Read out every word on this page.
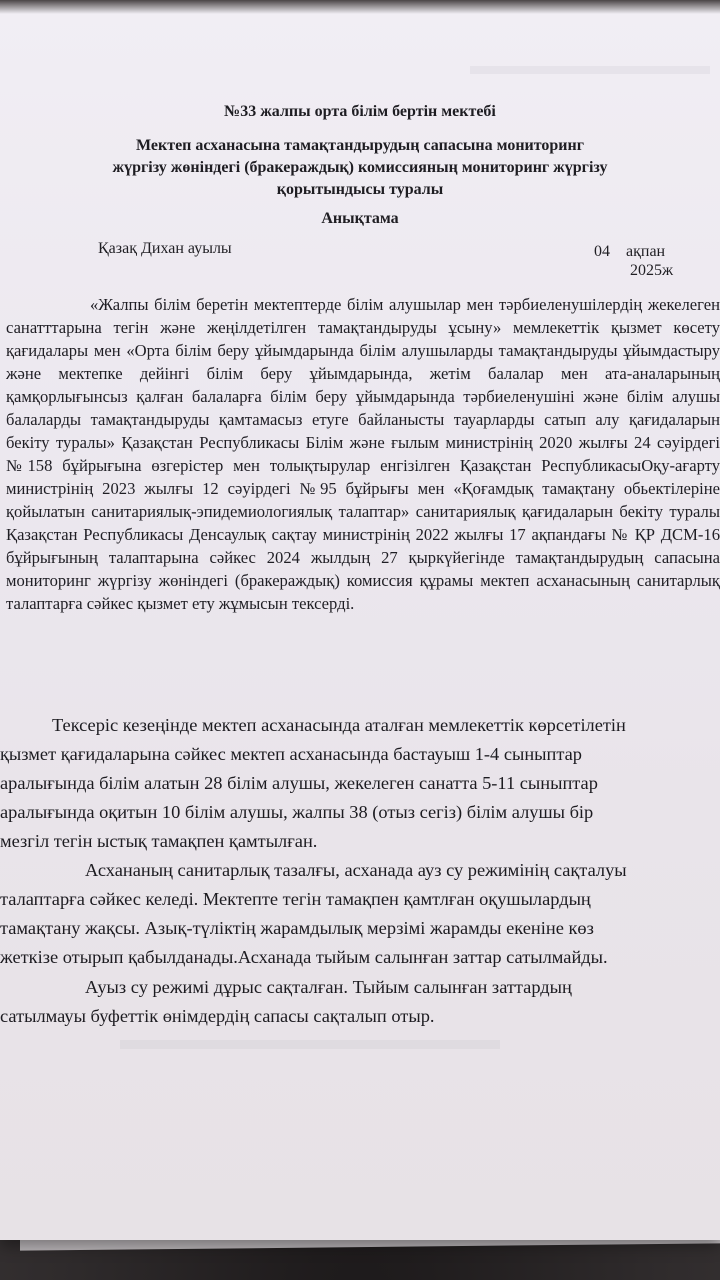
№33 жалпы орта білім бертін мектебі
Мектеп асханасына тамақтандырудың сапасына мониторинг
жүргізу жөніндегі (бракераждық) комиссияның мониторинг жүргізу
қорытындысы туралы
Анықтама
Қазақ Дихан ауылы	04    ақпан
2025ж

«Жалпы білім беретін мектептерде білім алушылар мен тәрбиеленушілердің жекелеген санатттарына тегін және жеңілдетілген тамақтандыруды ұсыну» мемлекеттік қызмет көсету қағидалары мен «Орта білім беру ұйымдарында білім алушыларды тамақтандыруды ұйымдастыру және мектепке дейінгі білім беру ұйымдарында, жетім балалар мен ата-аналарының қамқорлығынсыз қалған балаларға білім беру ұйымдарында тәрбиеленушіні және білім алушы балаларды тамақтандыруды қамтамасыз етуге байланысты тауарларды сатып алу қағидаларын бекіту туралы» Қазақстан Республикасы Білім және ғылым министрінің 2020 жылғы 24 сәуірдегі №158 бұйрығына өзгерістер мен толықтырулар енгізілген Қазақстан РеспубликасыОқу-ағарту министрінің 2023 жылғы 12 сәуірдегі №95 бұйрығы мен «Қоғамдық тамақтану обьектілеріне қойылатын санитариялық-эпидемиологиялық талаптар» санитариялық қағидаларын бекіту туралы Қазақстан Республикасы Денсаулық сақтау министрінің 2022 жылғы 17 ақпандағы № ҚР ДСМ-16 бұйрығының талаптарына сәйкес 2024 жылдың 27 қыркүйегінде тамақтандырудың сапасына мониторинг жүргізу жөніндегі (бракераждық) комиссия құрамы мектеп асханасының санитарлық талаптарға сәйкес қызмет ету жұмысын тексерді.

Тексеріс кезеңінде мектеп асханасында аталған мемлекеттік көрсетілетін
қызмет қағидаларына сәйкес мектеп асханасында бастауыш 1-4 сыныптар
аралығында білім алатын 28 білім алушы, жекелеген санатта 5-11 сыныптар
аралығында оқитын 10 білім алушы, жалпы 38 (отыз сегіз) білім алушы бір
мезгіл тегін ыстық тамақпен қамтылған.
Асхананың санитарлық тазалғы, асханада ауз су режимінің сақталуы
талаптарға сәйкес келеді. Мектепте тегін тамақпен қамтлған оқушылардың
тамақтану жақсы. Азық-түліктің жарамдылық мерзімі жарамды екеніне көз
жеткізе отырып қабылданады.Асханада тыйым салынған заттар сатылмайды.
Ауыз су режимі дұрыс сақталған. Тыйым салынған заттардың
сатылмауы буфеттік өнімдердің сапасы сақталып отыр.
